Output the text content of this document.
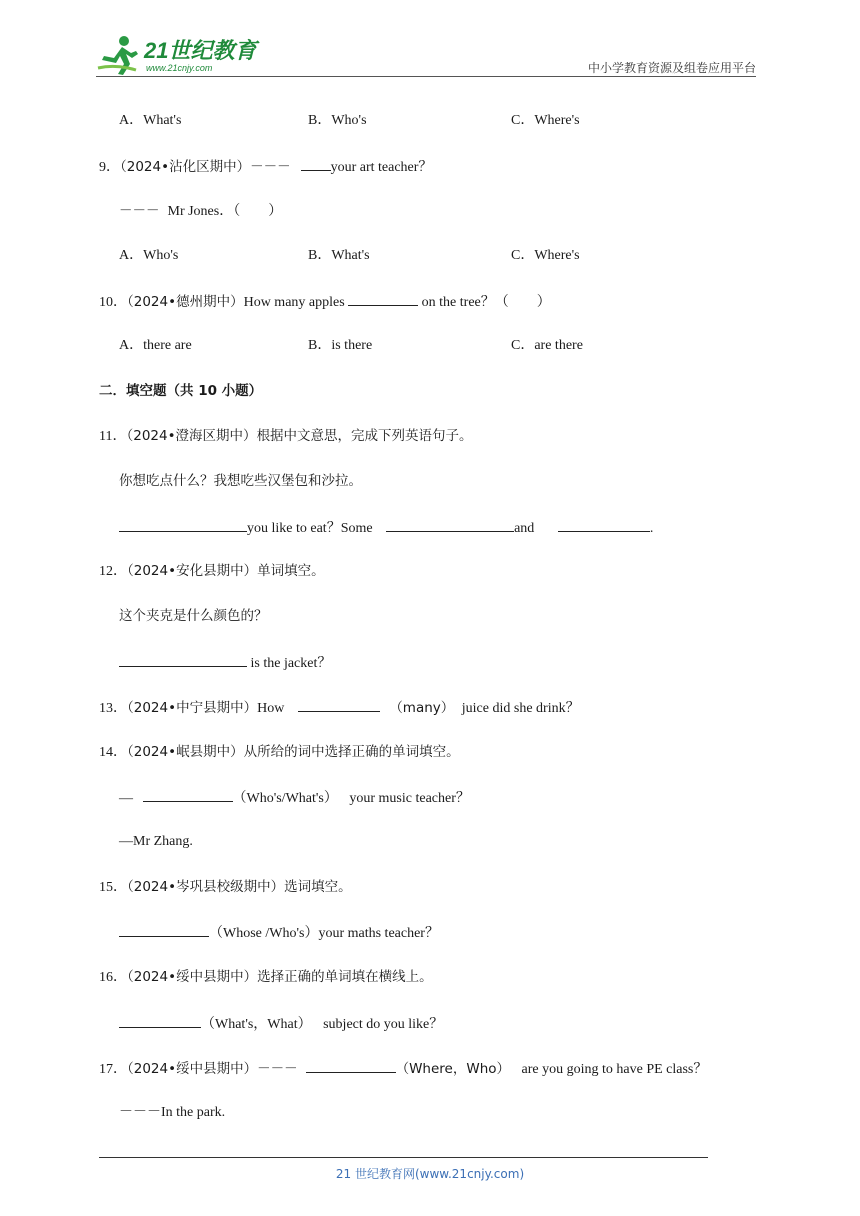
21世纪教育
www.21cnjy.com	中小学教育资源及组卷应用平台
A．What's	B．Who's	C．Where's
9．（2024•沾化区期中）－－－	your art teacher？
－－－ Mr Jones．（　　）
A．Who's	B．What's	C．Where's
10．（2024•德州期中）How many apples	on the tree？（　　）
A．there are	B．is there	C．are there
二．填空题（共 10 小题）
11．（2024•澄海区期中）根据中文意思，完成下列英语句子。
你想吃点什么？我想吃些汉堡包和沙拉。
you like to eat？Some	and	.
12．（2024•安化县期中）单词填空。
这个夹克是什么颜色的？
is the jacket？
13．（2024•中宁县期中）How	（many） juice did she drink？
14．（2024•岷县期中）从所给的词中选择正确的单词填空。
—	（Who's/What's） your music teacher？
—Mr Zhang.
15．（2024•岑巩县校级期中）选词填空。
（Whose /Who's）your maths teacher？
16．（2024•绥中县期中）选择正确的单词填在横线上。
（What's，What） subject do you like？
17．（2024•绥中县期中）－－－	（Where，Who） are you going to have PE class？
－－－In the park.
21 世纪教育网(www.21cnjy.com)
